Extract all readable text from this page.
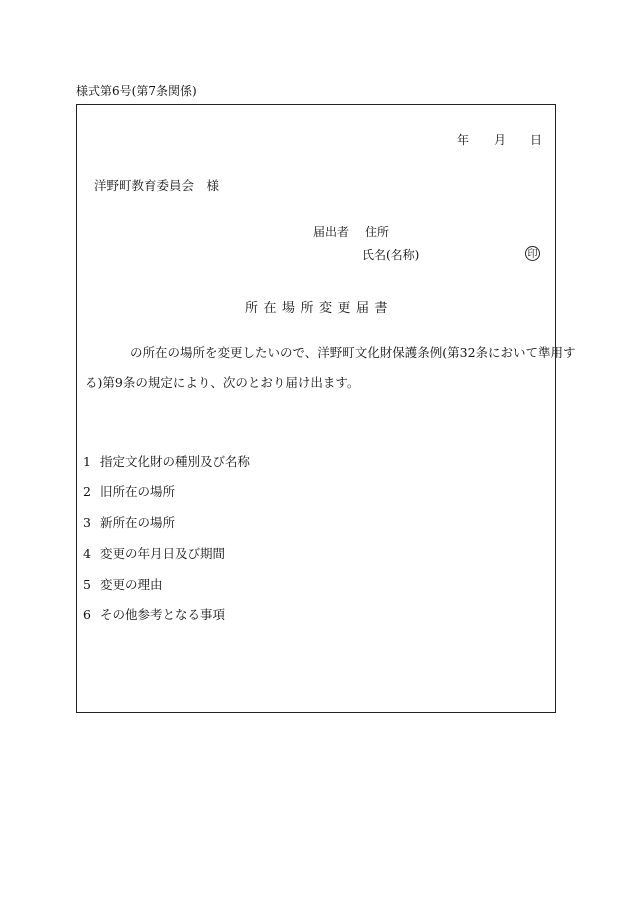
様式第6号(第7条関係)
年 月 日
洋野町教育委員会　様
届出者 住所
氏名(名称)	印
所在場所変更届書
の所在の場所を変更したいので、洋野町文化財保護条例(第32条において準用す
る)第9条の規定により、次のとおり届け出ます。
1 指定文化財の種別及び名称
2 旧所在の場所
3 新所在の場所
4 変更の年月日及び期間
5 変更の理由
6 その他参考となる事項
